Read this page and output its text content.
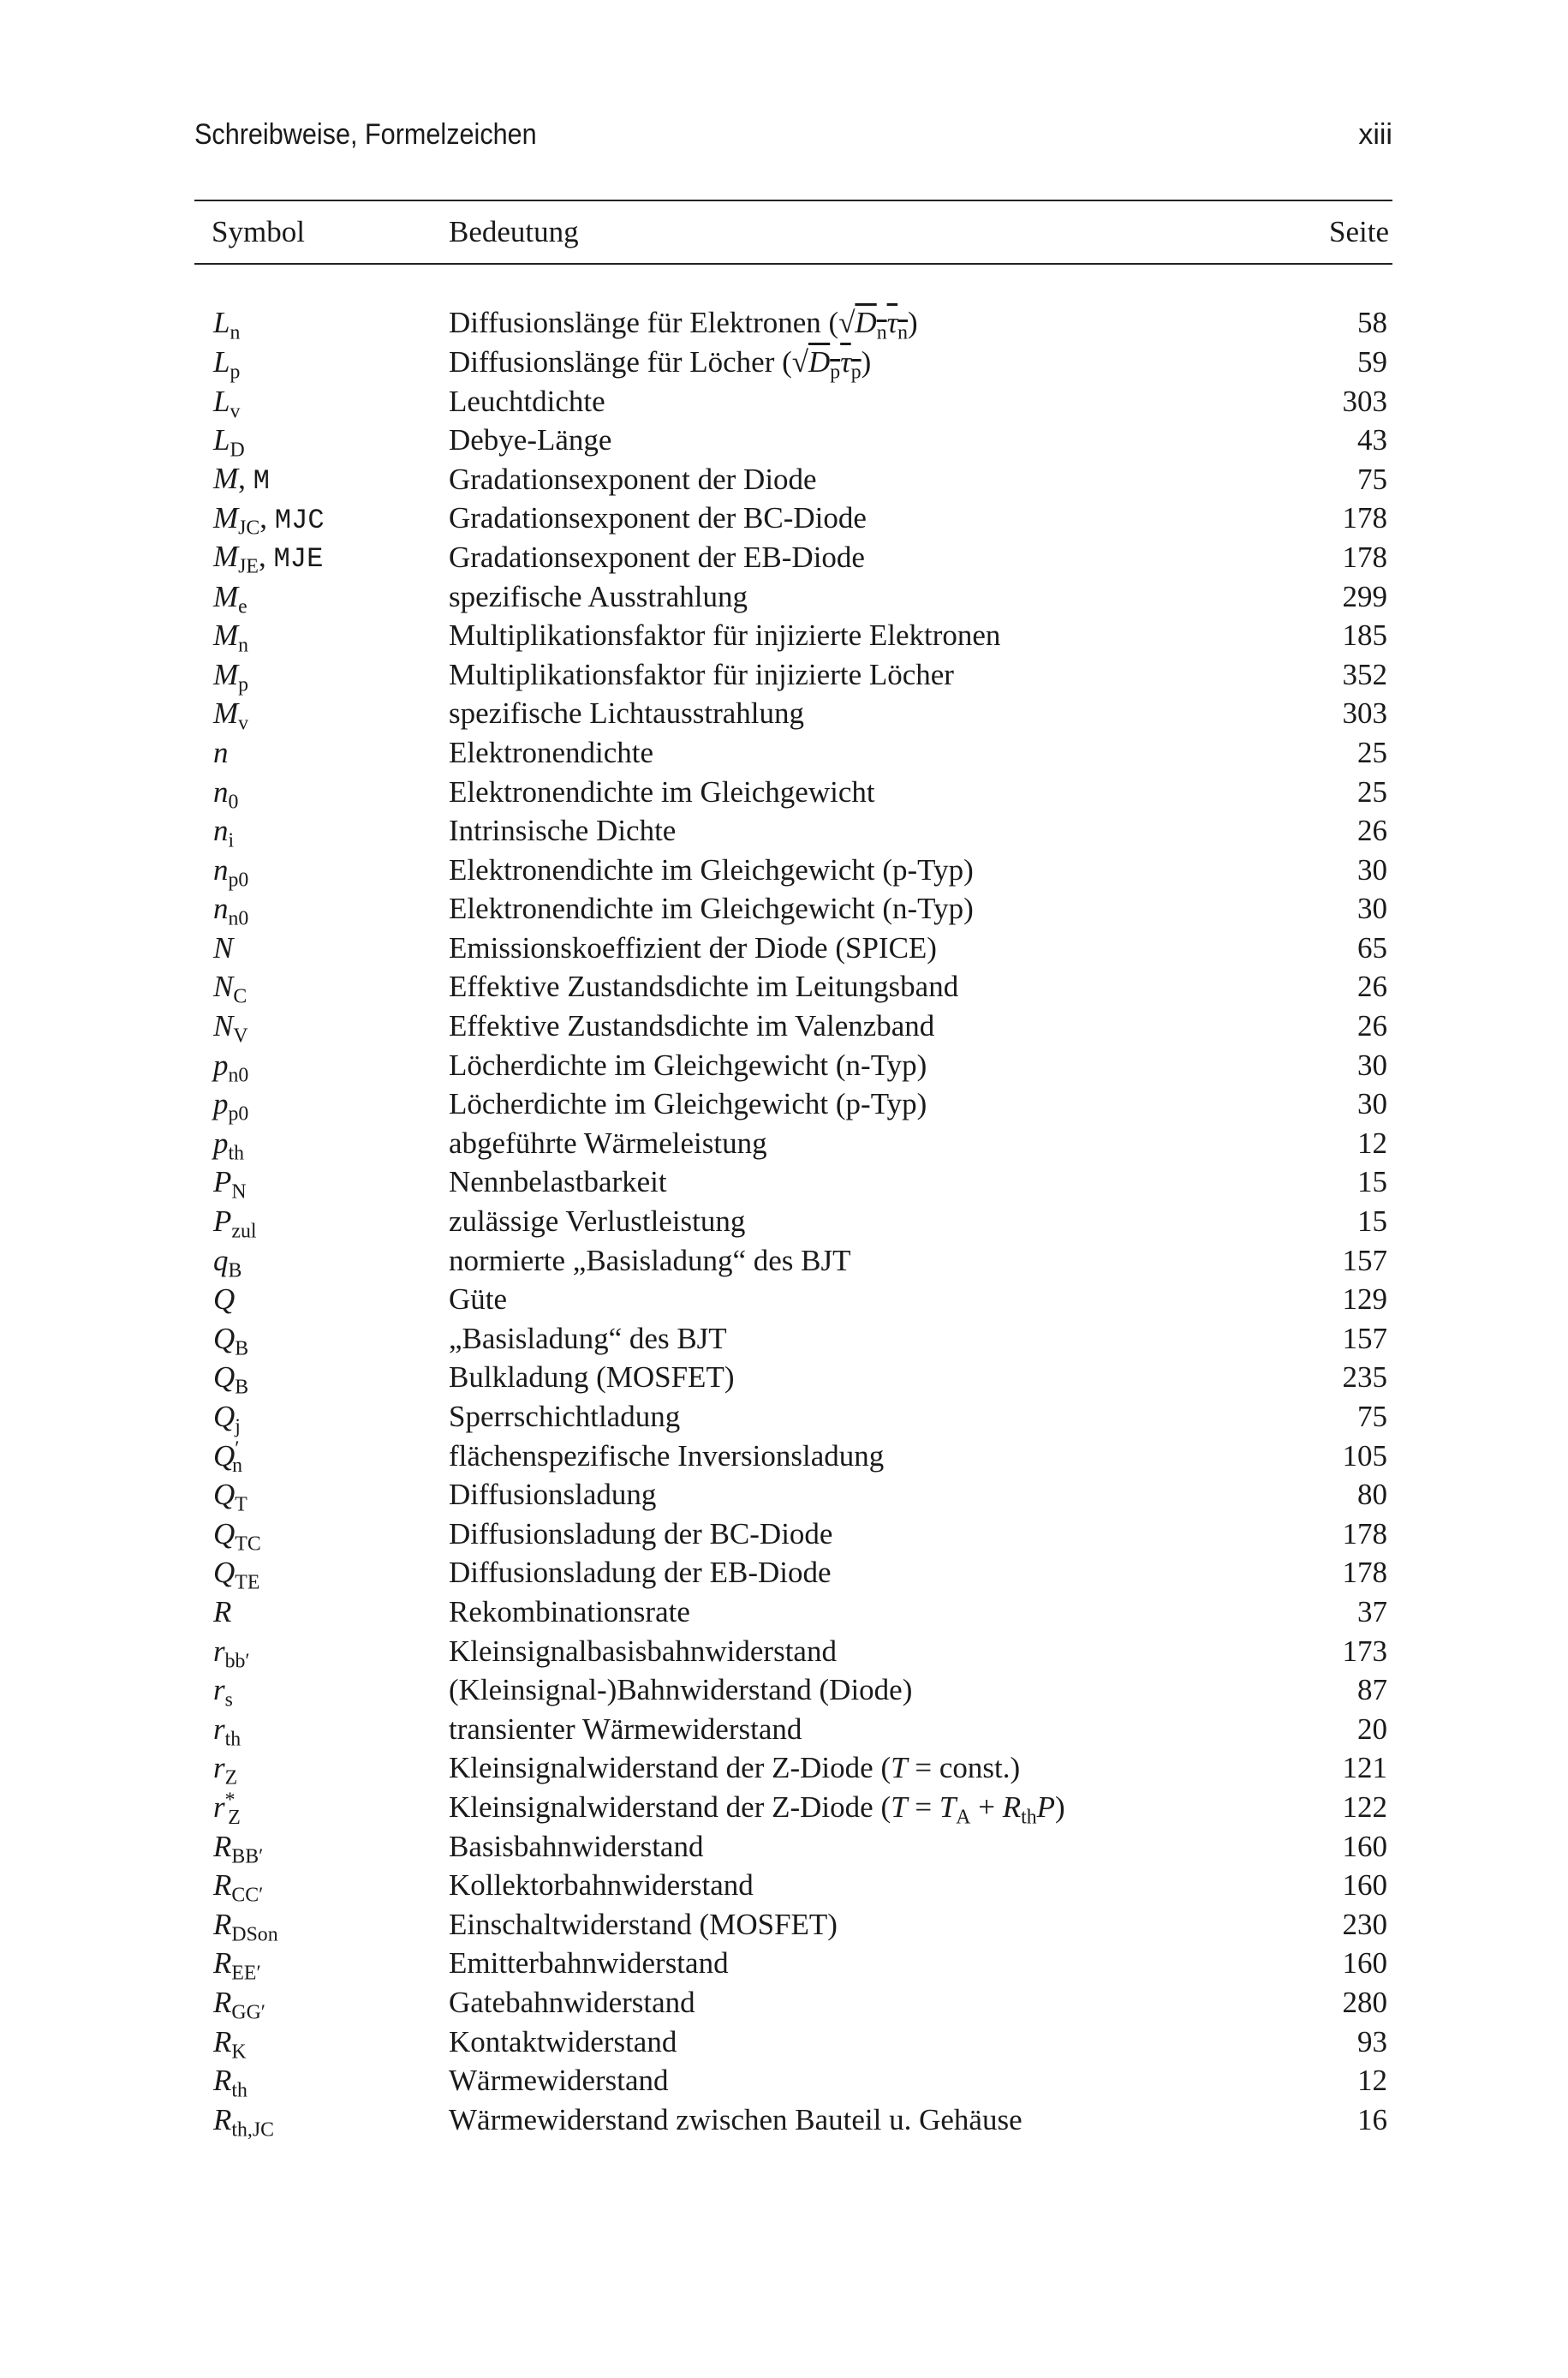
Schreibweise, Formelzeichen	xiii
Symbol	Bedeutung	Seite

$L_n$	Diffusionslänge für Elektronen $(√D_n\tau_n)$	58
$L_p$	Diffusionslänge für Löcher $(√D_p\tau_p)$	59
$L_v$	Leuchtdichte	303
$L_D$	Debye-Länge	43
M, M	Gradationsexponent der Diode	75
$M_{JC}$, MJC	Gradationsexponent der BC-Diode	178
$M_{JE}$, MJE	Gradationsexponent der EB-Diode	178
$M_e$	spezifische Ausstrahlung	299
$M_n$	Multiplikationsfaktor für injizierte Elektronen	185
$M_p$	Multiplikationsfaktor für injizierte Löcher	352
$M_v$	spezifische Lichtausstrahlung	303
n	Elektronendichte	25
$n_0$	Elektronendichte im Gleichgewicht	25
$n_i$	Intrinsische Dichte	26
$n_{p0}$	Elektronendichte im Gleichgewicht (p-Typ)	30
$n_{n0}$	Elektronendichte im Gleichgewicht (n-Typ)	30
N	Emissionskoeffizient der Diode (SPICE)	65
$N_C$	Effektive Zustandsdichte im Leitungsband	26
$N_V$	Effektive Zustandsdichte im Valenzband	26
$p_{n0}$	Löcherdichte im Gleichgewicht (n-Typ)	30
$p_{p0}$	Löcherdichte im Gleichgewicht (p-Typ)	30
$p_{th}$	abgeführte Wärmeleistung	12
$P_N$	Nennbelastbarkeit	15
$P_{zul}$	zulässige Verlustleistung	15
$q_B$	normierte „Basisladung“ des BJT	157
Q	Güte	129
$Q_B$	„Basisladung“ des BJT	157
$Q_B$	Bulkladung (MOSFET)	235
$Q_j$	Sperrschichtladung	75
$Q'_n$	flächenspezifische Inversionsladung	105
$Q_T$	Diffusionsladung	80
$Q_{TC}$	Diffusionsladung der BC-Diode	178
$Q_{TE}$	Diffusionsladung der EB-Diode	178
R	Rekombinationsrate	37
$r_{bb'}$	Kleinsignalbasisbahnwiderstand	173
$r_s$	(Kleinsignal-)Bahnwiderstand (Diode)	87
$r_{th}$	transienter Wärmewiderstand	20
$r_Z$	Kleinsignalwiderstand der Z-Diode (T = const.)	121
$r^*_Z$	Kleinsignalwiderstand der Z-Diode $(T = T_A + R_{th}P)$	122
$R_{BB'}$	Basisbahnwiderstand	160
$R_{CC'}$	Kollektorbahnwiderstand	160
$R_{DSon}$	Einschaltwiderstand (MOSFET)	230
$R_{EE'}$	Emitterbahnwiderstand	160
$R_{GG'}$	Gatebahnwiderstand	280
$R_K$	Kontaktwiderstand	93
$R_{th}$	Wärmewiderstand	12
$R_{th,JC}$	Wärmewiderstand zwischen Bauteil u. Gehäuse	16
